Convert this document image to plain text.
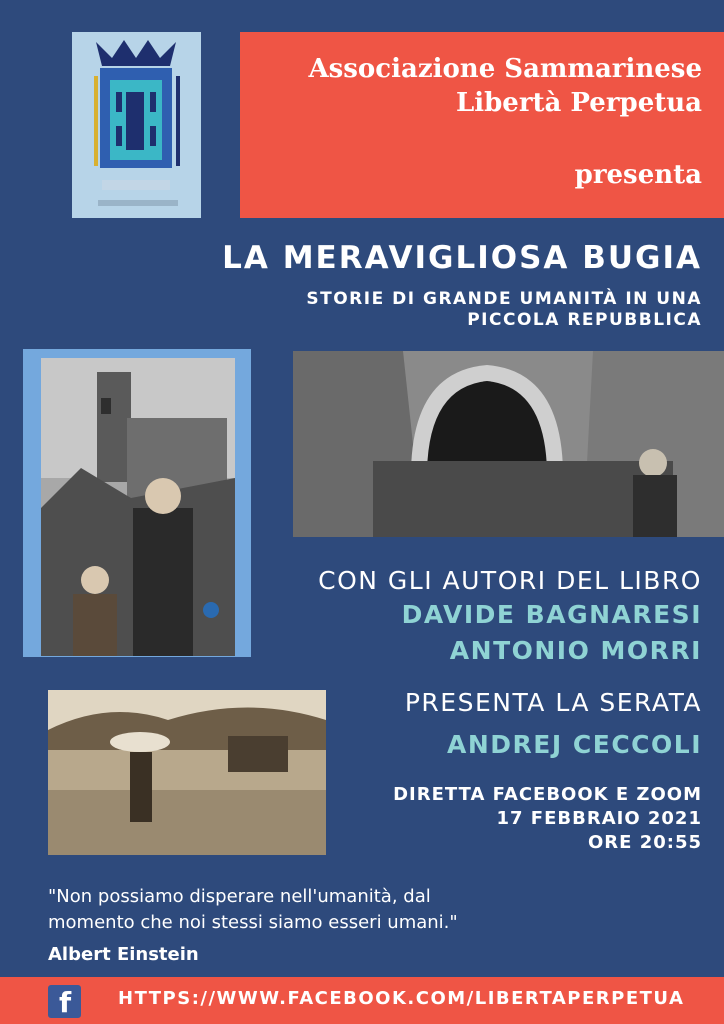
Associazione Sammarinese
Libertà Perpetua
presenta
LA MERAVIGLIOSA BUGIA
STORIE DI GRANDE UMANITÀ IN UNA
PICCOLA REPUBBLICA
CON GLI AUTORI DEL LIBRO
DAVIDE BAGNARESI
ANTONIO MORRI
PRESENTA LA SERATA
ANDREJ CECCOLI
DIRETTA FACEBOOK E ZOOM
17 FEBBRAIO 2021
ORE 20:55
"Non possiamo disperare nell'umanità, dal
momento che noi stessi siamo esseri umani."
Albert Einstein
f	HTTPS://WWW.FACEBOOK.COM/LIBERTAPERPETUA
